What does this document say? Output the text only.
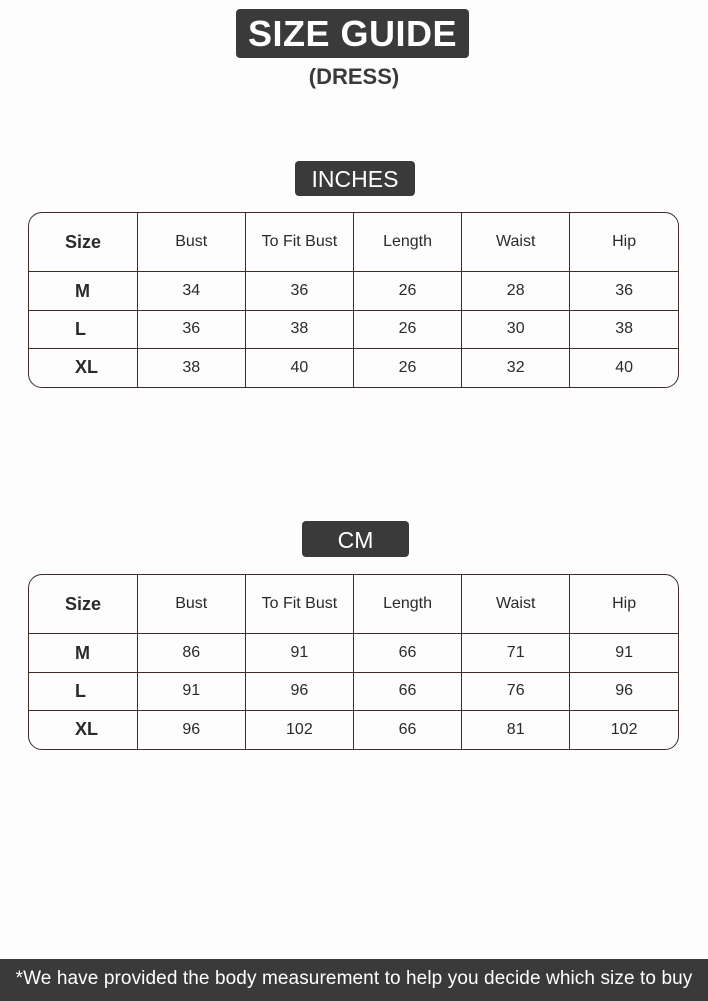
SIZE GUIDE
(DRESS)
INCHES
Size	Bust	To Fit Bust	Length	Waist	Hip
M	34	36	26	28	36
L	36	38	26	30	38
XL	38	40	26	32	40
CM
Size	Bust	To Fit Bust	Length	Waist	Hip
M	86	91	66	71	91
L	91	96	66	76	96
XL	96	102	66	81	102
*We have provided the body measurement to help you decide which size to buy
